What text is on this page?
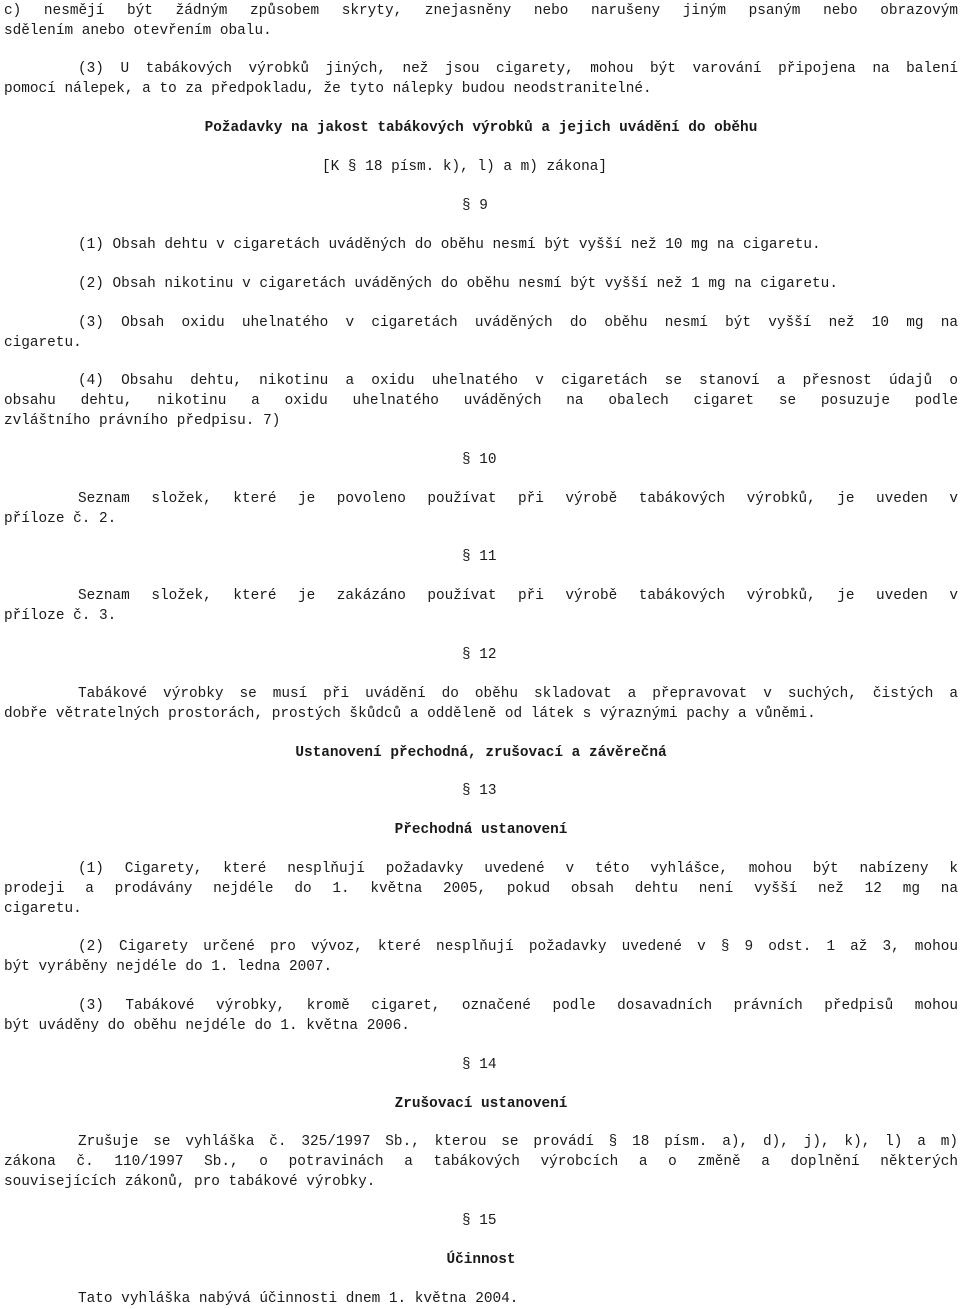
c) nesmějí být žádným způsobem skryty, znejasněny nebo narušeny jiným psaným nebo obrazovým
sdělením anebo otevřením obalu.
(3) U tabákových výrobků jiných, než jsou cigarety, mohou být varování připojena na balení
pomocí nálepek, a to za předpokladu, že tyto nálepky budou neodstranitelné.
Požadavky na jakost tabákových výrobků a jejich uvádění do oběhu
[K § 18 písm. k), l) a m) zákona]
§ 9
(1) Obsah dehtu v cigaretách uváděných do oběhu nesmí být vyšší než 10 mg na cigaretu.
(2) Obsah nikotinu v cigaretách uváděných do oběhu nesmí být vyšší než 1 mg na cigaretu.
(3) Obsah oxidu uhelnatého v cigaretách uváděných do oběhu nesmí být vyšší než 10 mg na
cigaretu.
(4) Obsahu dehtu, nikotinu a oxidu uhelnatého v cigaretách se stanoví a přesnost údajů o
obsahu dehtu, nikotinu a oxidu uhelnatého uváděných na obalech cigaret se posuzuje podle
zvláštního právního předpisu. 7)
§ 10
Seznam složek, které je povoleno používat při výrobě tabákových výrobků, je uveden v
příloze č. 2.
§ 11
Seznam složek, které je zakázáno používat při výrobě tabákových výrobků, je uveden v
příloze č. 3.
§ 12
Tabákové výrobky se musí při uvádění do oběhu skladovat a přepravovat v suchých, čistých a
dobře větratelných prostorách, prostých škůdců a odděleně od látek s výraznými pachy a vůněmi.
Ustanovení přechodná, zrušovací a závěrečná
§ 13
Přechodná ustanovení
(1) Cigarety, které nesplňují požadavky uvedené v této vyhlášce, mohou být nabízeny k
prodeji a prodávány nejdéle do 1. května 2005, pokud obsah dehtu není vyšší než 12 mg na
cigaretu.
(2) Cigarety určené pro vývoz, které nesplňují požadavky uvedené v § 9 odst. 1 až 3, mohou
být vyráběny nejdéle do 1. ledna 2007.
(3) Tabákové výrobky, kromě cigaret, označené podle dosavadních právních předpisů mohou
být uváděny do oběhu nejdéle do 1. května 2006.
§ 14
Zrušovací ustanovení
Zrušuje se vyhláška č. 325/1997 Sb., kterou se provádí § 18 písm. a), d), j), k), l) a m)
zákona č. 110/1997 Sb., o potravinách a tabákových výrobcích a o změně a doplnění některých
souvisejících zákonů, pro tabákové výrobky.
§ 15
Účinnost
Tato vyhláška nabývá účinnosti dnem 1. května 2004.
